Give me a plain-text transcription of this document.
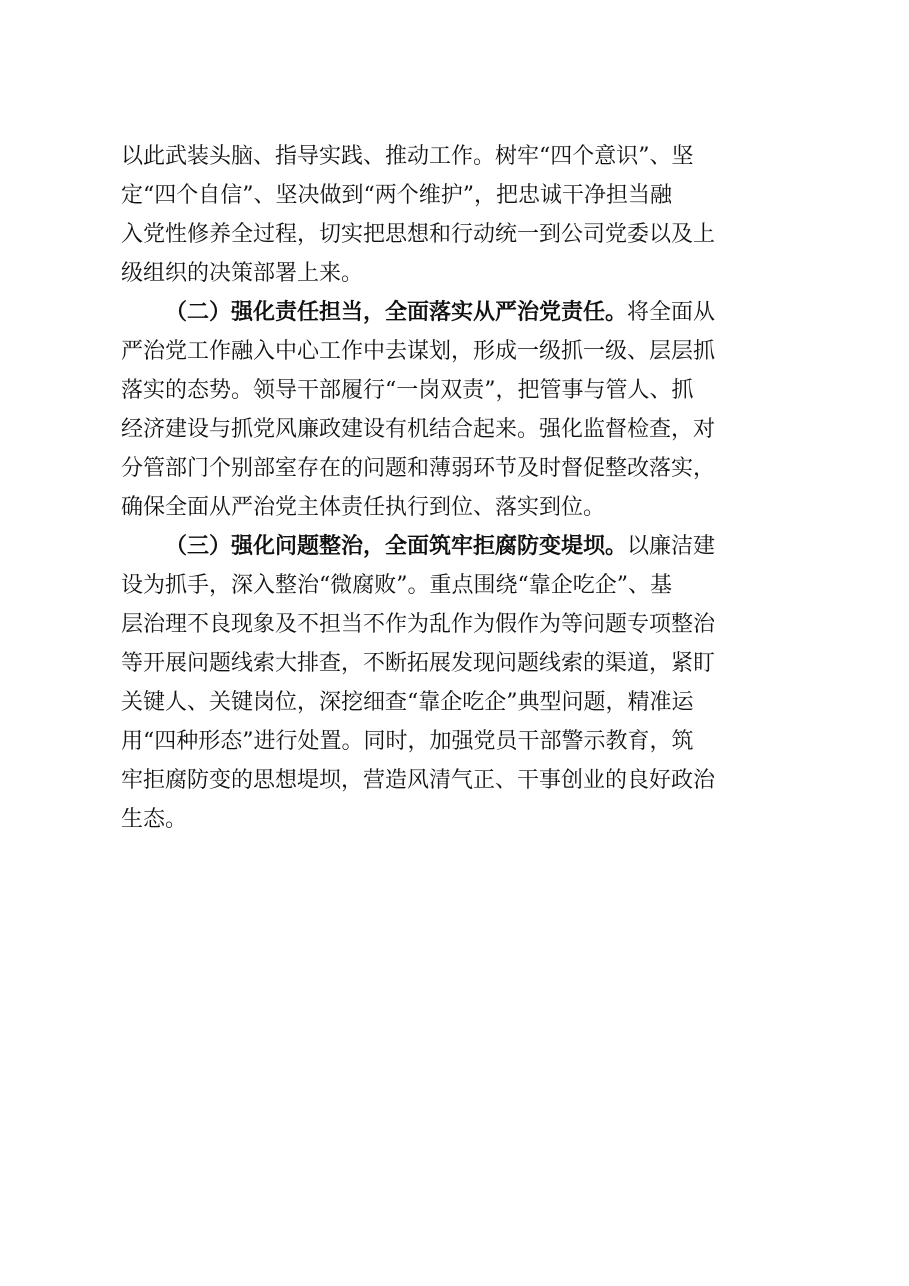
以此武装头脑、指导实践、推动工作。树牢“四个意识”、坚
定“四个自信”、坚决做到“两个维护”，把忠诚干净担当融
入党性修养全过程，切实把思想和行动统一到公司党委以及上
级组织的决策部署上来。
（二）强化责任担当，全面落实从严治党责任。将全面从
严治党工作融入中心工作中去谋划，形成一级抓一级、层层抓
落实的态势。领导干部履行“一岗双责”，把管事与管人、抓
经济建设与抓党风廉政建设有机结合起来。强化监督检查，对
分管部门个别部室存在的问题和薄弱环节及时督促整改落实，
确保全面从严治党主体责任执行到位、落实到位。
（三）强化问题整治，全面筑牢拒腐防变堤坝。以廉洁建
设为抓手，深入整治“微腐败”。重点围绕“靠企吃企”、基
层治理不良现象及不担当不作为乱作为假作为等问题专项整治
等开展问题线索大排查，不断拓展发现问题线索的渠道，紧盯
关键人、关键岗位，深挖细查“靠企吃企”典型问题，精准运
用“四种形态”进行处置。同时，加强党员干部警示教育，筑
牢拒腐防变的思想堤坝，营造风清气正、干事创业的良好政治
生态。
